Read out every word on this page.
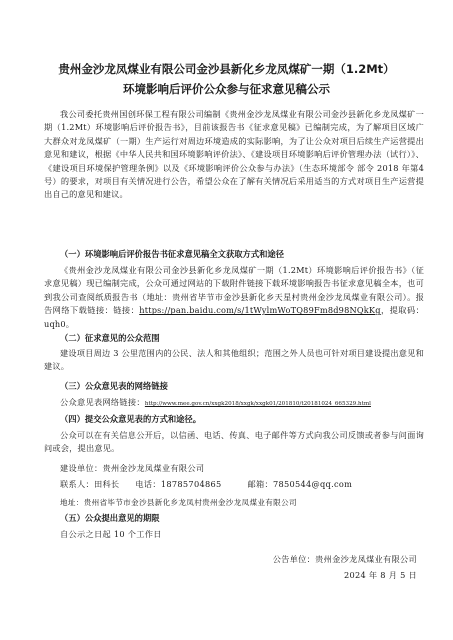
贵州金沙龙凤煤业有限公司金沙县新化乡龙凤煤矿一期（1.2Mt）
环境影响后评价公众参与征求意见稿公示

我公司委托贵州国创环保工程有限公司编制《贵州金沙龙凤煤业有限公司金沙县新化乡龙凤煤矿一期（1.2Mt）环境影响后评价报告书》，目前该报告书《征求意见稿》已编制完成，为了解项目区域广大群众对龙凤煤矿（一期）生产运行对周边环境造成的实际影响，为了让公众对项目后续生产运营提出意见和建议，根据《中华人民共和国环境影响评价法》、《建设项目环境影响后评价管理办法（试行）》、《建设项目环境保护管理条例》以及《环境影响评价公众参与办法》（生态环境部令 部令 2018 年第4号）的要求，对项目有关情况进行公告，希望公众在了解有关情况后采用适当的方式对项目生产运营提出自己的意见和建议。

（一）环境影响后评价报告书征求意见稿全文获取方式和途径

《贵州金沙龙凤煤业有限公司金沙县新化乡龙凤煤矿一期（1.2Mt）环境影响后评价报告书》（征求意见稿）现已编制完成，公众可通过网站的下载附件链接下载环境影响报告书征求意见稿全本，也可到我公司查阅纸质报告书（地址：贵州省毕节市金沙县新化乡天星村贵州金沙龙凤煤业有限公司）。报告网络下载链接：链接：https://pan.baidu.com/s/1tWylmWoTQ89Fm8d98NQkKg，提取码：uqh0。

（二）征求意见的公众范围

建设项目周边 3 公里范围内的公民、法人和其他组织；范围之外人员也可针对项目建设提出意见和建议。

（三）公众意见表的网络链接
公众意见表网络链接：http://www.mee.gov.cn/xxgk2018/xxgk/xxgk01/201810/t20181024_665329.html
（四）提交公众意见表的方式和途径。

公众可以在有关信息公开后，以信函、电话、传真、电子邮件等方式向我公司反馈或者参与问面询问或会，提出意见。

建设单位：贵州金沙龙凤煤业有限公司
联系人：田科长 电话：18785704865	邮箱：7850544@qq.com
地址：贵州省毕节市金沙县新化乡龙凤村贵州金沙龙凤煤业有限公司
（五）公众提出意见的期限
自公示之日起 10 个工作日
公告单位：贵州金沙龙凤煤业有限公司
2024 年 8 月 5 日
